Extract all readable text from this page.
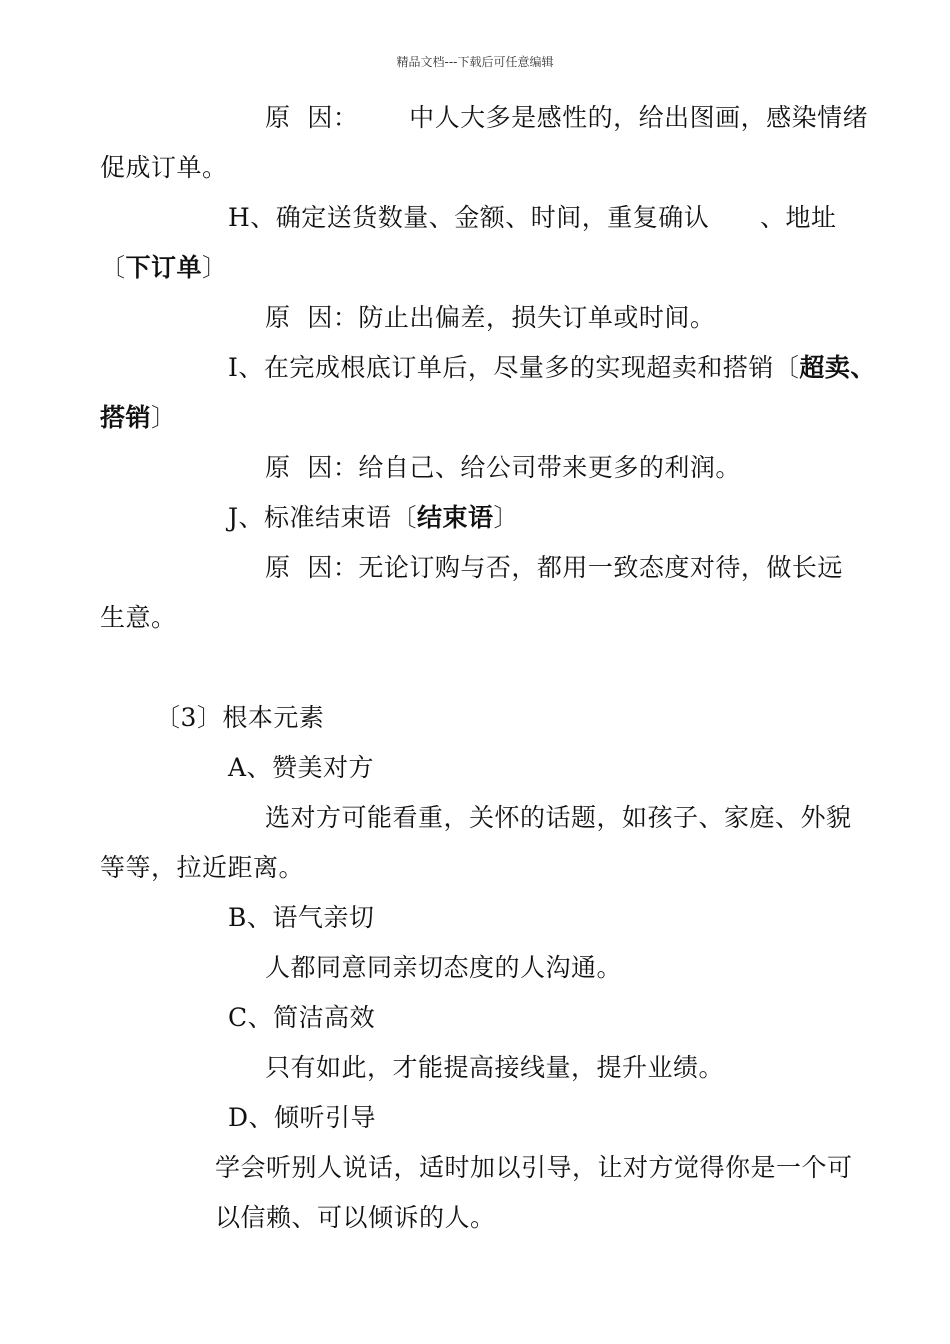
精品文档---下载后可任意编辑
原  因：      中人大多是感性的，给出图画，感染情绪
促成订单。
H、确定送货数量、金额、时间，重复确认      、地址
〔下订单〕
原  因：防止出偏差，损失订单或时间。
I、在完成根底订单后，尽量多的实现超卖和搭销〔超卖、
搭销〕
原  因：给自己、给公司带来更多的利润。
J、标准结束语〔结束语〕
原  因：无论订购与否，都用一致态度对待，做长远
生意。
〔3〕根本元素
A、赞美对方
选对方可能看重，关怀的话题，如孩子、家庭、外貌
等等，拉近距离。
B、语气亲切
人都同意同亲切态度的人沟通。
C、简洁高效
只有如此，才能提高接线量，提升业绩。
D、倾听引导
学会听别人说话，适时加以引导，让对方觉得你是一个可
以信赖、可以倾诉的人。
